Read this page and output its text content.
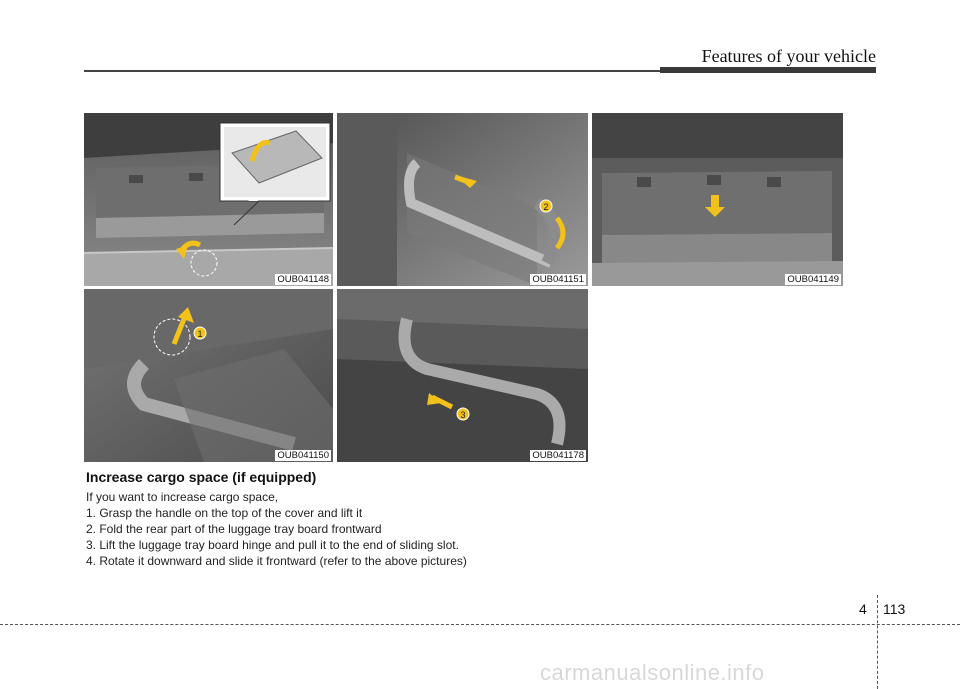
Features of your vehicle
OUB041148
2
OUB041151	OUB041149
1
OUB041150
3
OUB041178
Increase cargo space (if equipped)
If you want to increase cargo space,
1. Grasp the handle on the top of the cover and lift it
2. Fold the rear part of the luggage tray board frontward
3. Lift the luggage tray board hinge and pull it to the end of sliding slot.
4. Rotate it downward and slide it frontward (refer to the above pictures)
4 113
carmanualsonline.info
